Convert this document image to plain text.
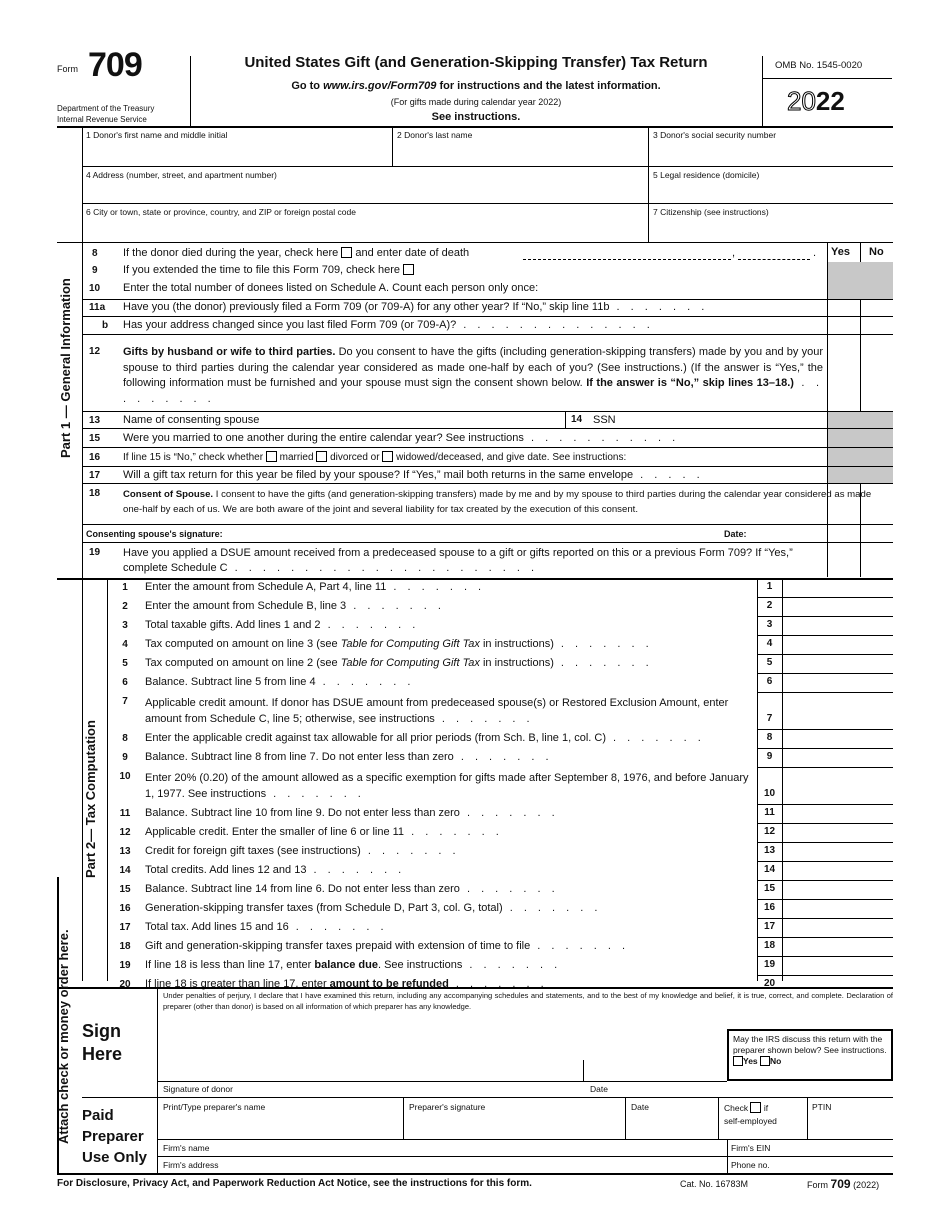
Form 709
Department of the Treasury
Internal Revenue Service
United States Gift (and Generation-Skipping Transfer) Tax Return
Go to www.irs.gov/Form709 for instructions and the latest information.
(For gifts made during calendar year 2022)
See instructions.
OMB No. 1545-0020
2022
1 Donor's first name and middle initial	2 Donor's last name	3 Donor's social security number
4 Address (number, street, and apartment number)	5 Legal residence (domicile)
6 City or town, state or province, country, and ZIP or foreign postal code	7 Citizenship (see instructions)
Part 1 — General Information
Yes No
8 If the donor died during the year, check here and enter date of death	,	.
9 If you extended the time to file this Form 709, check here
10 Enter the total number of donees listed on Schedule A. Count each person only once:
11a Have you (the donor) previously filed a Form 709 (or 709-A) for any other year? If “No,” skip line 11b . . . . . . .
b Has your address changed since you last filed Form 709 (or 709-A)? . . . . . . . . . . . . . .
12 Gifts by husband or wife to third parties. Do you consent to have the gifts (including generation-skipping transfers) made by you and by your spouse to third parties during the calendar year considered as made one-half by each of you? (See instructions.) (If the answer is “Yes,” the following information must be furnished and your spouse must sign the consent shown below. If the answer is “No,” skip lines 13–18.) . . . . . . . . .
13 Name of consenting spouse	14 SSN
15 Were you married to one another during the entire calendar year? See instructions . . . . . . . . . . .
16 If line 15 is “No,” check whether married divorced or widowed/deceased, and give date. See instructions:
17 Will a gift tax return for this year be filed by your spouse? If “Yes,” mail both returns in the same envelope . . . . .
18 Consent of Spouse. I consent to have the gifts (and generation-skipping transfers) made by me and by my spouse to third parties during the calendar year considered as made one-half by each of us. We are both aware of the joint and several liability for tax created by the execution of this consent.
Consenting spouse's signature:	Date:
19 Have you applied a DSUE amount received from a predeceased spouse to a gift or gifts reported on this or a previous Form 709? If “Yes,” complete Schedule C . . . . . . . . . . . . . . . . . . . . . .
Part 2— Tax Computation
1	Enter the amount from Schedule A, Part 4, line 11 . . . . . . .	1
2	Enter the amount from Schedule B, line 3 . . . . . . .	2
3	Total taxable gifts. Add lines 1 and 2 . . . . . . .	3
4	Tax computed on amount on line 3 (see Table for Computing Gift Tax in instructions) . . . . . . .	4
5	Tax computed on amount on line 2 (see Table for Computing Gift Tax in instructions) . . . . . . .	5
6	Balance. Subtract line 5 from line 4 . . . . . . .	6
7	Applicable credit amount. If donor has DSUE amount from predeceased spouse(s) or Restored Exclusion Amount, enter amount from Schedule C, line 5; otherwise, see instructions . . . . . . .	7
8	Enter the applicable credit against tax allowable for all prior periods (from Sch. B, line 1, col. C) . . . . . . .	8
9	Balance. Subtract line 8 from line 7. Do not enter less than zero . . . . . . .	9
10	Enter 20% (0.20) of the amount allowed as a specific exemption for gifts made after September 8, 1976, and before January 1, 1977. See instructions . . . . . . .	10
11	Balance. Subtract line 10 from line 9. Do not enter less than zero . . . . . . .	11
12	Applicable credit. Enter the smaller of line 6 or line 11 . . . . . . .	12
13	Credit for foreign gift taxes (see instructions) . . . . . . .	13
14	Total credits. Add lines 12 and 13 . . . . . . .	14
15	Balance. Subtract line 14 from line 6. Do not enter less than zero . . . . . . .	15
16	Generation-skipping transfer taxes (from Schedule D, Part 3, col. G, total) . . . . . . .	16
17	Total tax. Add lines 15 and 16 . . . . . . .	17
18	Gift and generation-skipping transfer taxes prepaid with extension of time to file . . . . . . .	18
19	If line 18 is less than line 17, enter balance due. See instructions . . . . . . .	19
20	If line 18 is greater than line 17, enter amount to be refunded . . . . . . .	20
Attach check or money order here. Sign Here
Under penalties of perjury, I declare that I have examined this return, including any accompanying schedules and statements, and to the best of my knowledge and belief, it is true, correct, and complete. Declaration of preparer (other than donor) is based on all information of which preparer has any knowledge.
May the IRS discuss this return with the preparer shown below? See instructions. Yes No
Signature of donor	Date
Paid Preparer Use Only
Print/Type preparer's name	Preparer's signature	Date	Check if
self-employed
PTIN
Firm's name	Firm's EIN
Firm's address	Phone no.
For Disclosure, Privacy Act, and Paperwork Reduction Act Notice, see the instructions for this form.	Cat. No. 16783M	Form 709 (2022)
